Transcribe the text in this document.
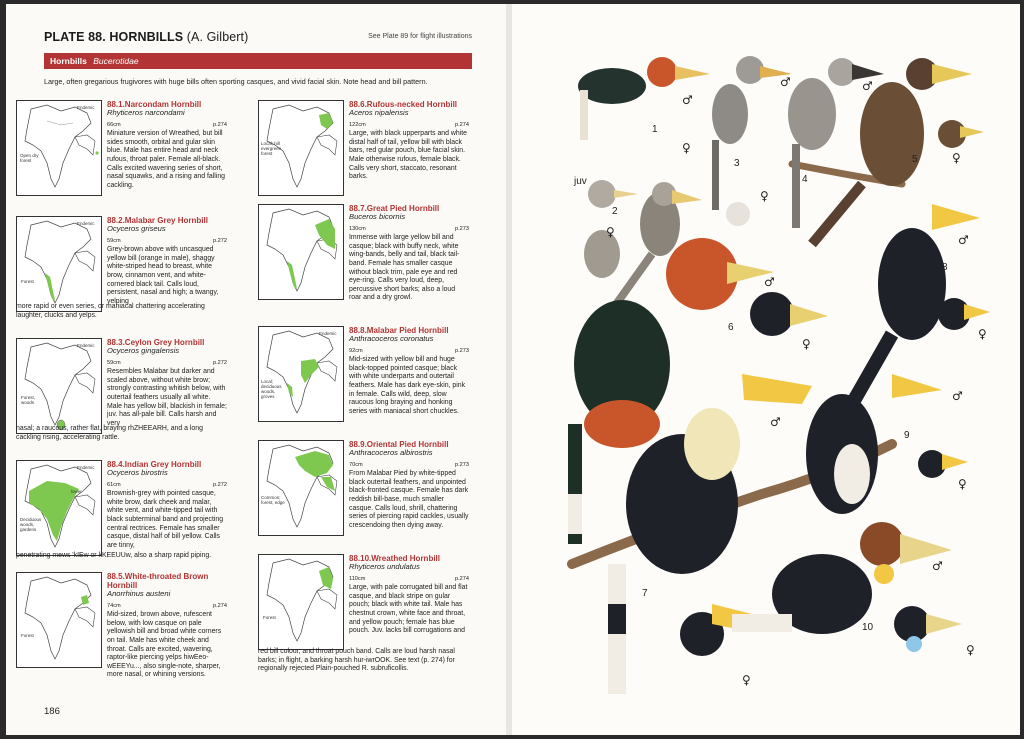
PLATE 88. HORNBILLS (A. Gilbert)	See Plate 89 for flight illustrations
Hornbills Bucerotidae
Large, often gregarious frugivores with huge bills often sporting casques, and vivid facial skin. Note head and bill pattern.
Endemic
Open dry forest
88.1.Narcondam Hornbill
Rhyticeros narcondami
66cm	p.274
Miniature version of Wreathed, but bill sides smooth, orbital and gular skin blue. Male has entire head and neck rufous, throat paler. Female all-black. Calls excited wavering series of short, nasal squawks, and a rising and falling cackling.
Endemic
Forest
88.2.Malabar Grey Hornbill
Ocyceros griseus
59cm	p.272
Grey-brown above with uncasqued yellow bill (orange in male), shaggy white-striped head to breast, white brow, cinnamon vent, and white-cornered black tail. Calls loud, persistent, nasal and high; a twangy, yelping
more rapid or even series, or maniacal chattering accelerating laughter, clucks and yelps.
Endemic
Forest, woods
88.3.Ceylon Grey Hornbill
Ocyceros gingalensis
59cm	p.272
Resembles Malabar but darker and scaled above, without white brow; strongly contrasting whitish below, with outertail feathers usually all white. Male has yellow bill, blackish in female; juv. has all-pale bill. Calls harsh and very
nasal; a raucous, rather flat, braying rhZHEEARH, and a long cackling rising, accelerating rattle.
Endemic
lower
Deciduous woods, gardens
88.4.Indian Grey Hornbill
Ocyceros birostris
61cm	p.272
Brownish-grey with pointed casque, white brow, dark cheek and malar, white vent, and white-tipped tail with black subterminal band and projecting central rectrices. Female has smaller casque, distal half of bill yellow. Calls are tinny,
penetrating mews 'kIEw or kKEEUUw, also a sharp rapid piping.
Forest
88.5.White-throated Brown Hornbill
Anorrhinus austeni
74cm	p.274
Mid-sized, brown above, rufescent below, with low casque on pale yellowish bill and broad white corners on tail. Male has white cheek and throat. Calls are excited, wavering, raptor-like piercing yelps hiwEeo-wEEEYu..., also single-note, sharper, more nasal, or whining versions.
Local; hill evergreen forest
88.6.Rufous-necked Hornbill
Aceros nipalensis
122cm	p.274
Large, with black upperparts and white distal half of tail, yellow bill with black bars, red gular pouch, blue facial skin. Male otherwise rufous, female black. Calls very short, staccato, resonant barks.
88.7.Great Pied Hornbill
Buceros bicornis
130cm	p.273
Immense with large yellow bill and casque; black with buffy neck, white wing-bands, belly and tail, black tail-band. Female has smaller casque without black trim, pale eye and red eye-ring. Calls very loud, deep, percussive short barks; also a loud roar and a dry growl.
Endemic
Local; deciduous woods, groves
88.8.Malabar Pied Hornbill
Anthracoceros coronatus
92cm	p.273
Mid-sized with yellow bill and huge black-topped pointed casque; black with white underparts and outertail feathers. Male has dark eye-skin, pink in female. Calls wild, deep, slow raucous long braying and honking series with maniacal short chuckles.
Common; forest, edge
88.9.Oriental Pied Hornbill
Anthracoceros albirostris
70cm	p.273
From Malabar Pied by white-tipped black outertail feathers, and unpointed black-fronted casque. Female has dark reddish bill-base, much smaller casque. Calls loud, shrill, chattering series of piercing rapid cackles, usually crescendoing then dying away.
Forest
88.10.Wreathed Hornbill
Rhyticeros undulatus
110cm	p.274
Large, with pale corrugated bill and flat casque, and black stripe on gular pouch; black with white tail. Male has chestnut crown, white face and throat, and yellow pouch; female has blue pouch. Juv. lacks bill corrugations and
red bill colour, and throat pouch band. Calls are loud harsh nasal barks; in flight, a barking harsh hur-iwrOOK. See text (p. 274) for regionally rejected Plain-pouched R. subruficollis.
186
1
2
3
4
5
6
7
8
9
10
juv
♂
♀
♂	♂
♀
♀
♀
♂
♀
♂
♀
♂
♀
♂
♀
♂
♀
